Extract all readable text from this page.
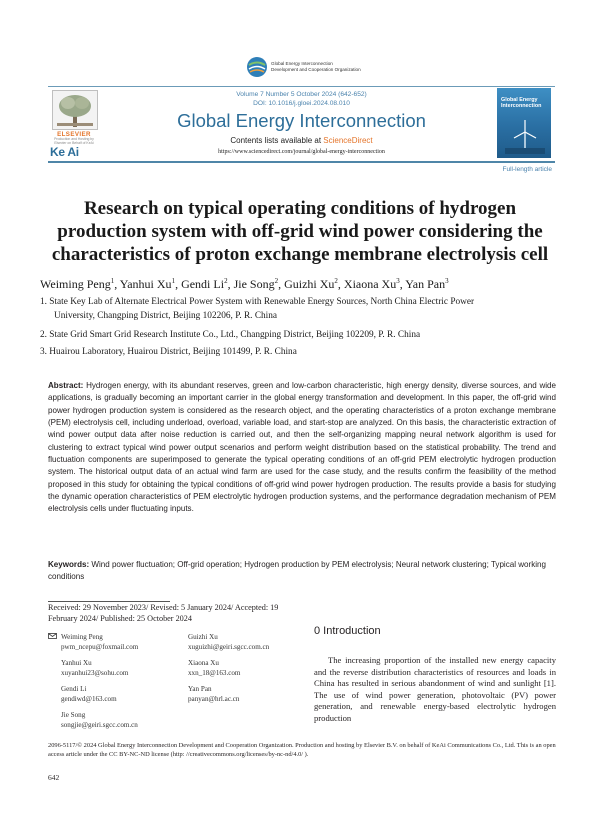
Global Energy Interconnection
Development and Cooperation Organization
ELSEVIER
Production and Hosting by Elsevier on Behalf of KeAi
Ke Ai
Volume 7 Number 5 October 2024 (642-652)
DOI: 10.1016/j.gloei.2024.08.010
Global Energy Interconnection
Contents lists available at ScienceDirect
https://www.sciencedirect.com/journal/global-energy-interconnection
Global Energy Interconnection
Full-length article
Research on typical operating conditions of hydrogen production system with off-grid wind power considering the characteristics of proton exchange membrane electrolysis cell
Weiming Peng$^1$, Yanhui Xu$^1$, Gendi Li$^2$, Jie Song$^2$, Guizhi Xu$^2$, Xiaona Xu$^3$, Yan Pan$^3$
1. State Key Lab of Alternate Electrical Power System with Renewable Energy Sources, North China Electric Power
University, Changping District, Beijing 102206, P. R. China
2. State Grid Smart Grid Research Institute Co., Ltd., Changping District, Beijing 102209, P. R. China
3. Huairou Laboratory, Huairou District, Beijing 101499, P. R. China
Abstract: Hydrogen energy, with its abundant reserves, green and low-carbon characteristic, high energy density, diverse sources, and wide applications, is gradually becoming an important carrier in the global energy transformation and development. In this paper, the off-grid wind power hydrogen production system is considered as the research object, and the operating characteristics of a proton exchange membrane (PEM) electrolysis cell, including underload, overload, variable load, and start-stop are analyzed. On this basis, the characteristic extraction of wind power output data after noise reduction is carried out, and then the self-organizing mapping neural network algorithm is used for clustering to extract typical wind power output scenarios and perform weight distribution based on the statistical probability. The trend and fluctuation components are superimposed to generate the typical operating conditions of an off-grid PEM electrolytic hydrogen production system. The historical output data of an actual wind farm are used for the case study, and the results confirm the feasibility of the method proposed in this study for obtaining the typical conditions of off-grid wind power hydrogen production. The results provide a basis for studying the dynamic operation characteristics of PEM electrolytic hydrogen production systems, and the performance degradation mechanism of PEM electrolysis cells under fluctuating inputs.
Keywords: Wind power fluctuation; Off-grid operation; Hydrogen production by PEM electrolysis; Neural network clustering; Typical working conditions
Received: 29 November 2023/ Revised: 5 January 2024/ Accepted: 19 February 2024/ Published: 25 October 2024
Weiming Peng
pwm_ncepu@foxmail.com
Guizhi Xu
xuguizhi@geiri.sgcc.com.cn
Yanhui Xu
xuyanhui23@sohu.com
Xiaona Xu
xxn_18@163.com
Gendi Li
gendiwd@163.com
Yan Pan
panyan@hrl.ac.cn
Jie Song
songjie@geiri.sgcc.com.cn
0 Introduction
The increasing proportion of the installed new energy capacity and the reverse distribution characteristics of resources and loads in China has resulted in serious abandonment of wind and sunlight [1]. The use of wind power generation, photovoltaic (PV) power generation, and renewable energy-based electrolytic hydrogen production
2096-5117/© 2024 Global Energy Interconnection Development and Cooperation Organization. Production and hosting by Elsevier B.V. on behalf of KeAi Communications Co., Ltd. This is an open access article under the CC BY-NC-ND license (http: //creativecommons.org/licenses/by-nc-nd/4.0/ ).
642
